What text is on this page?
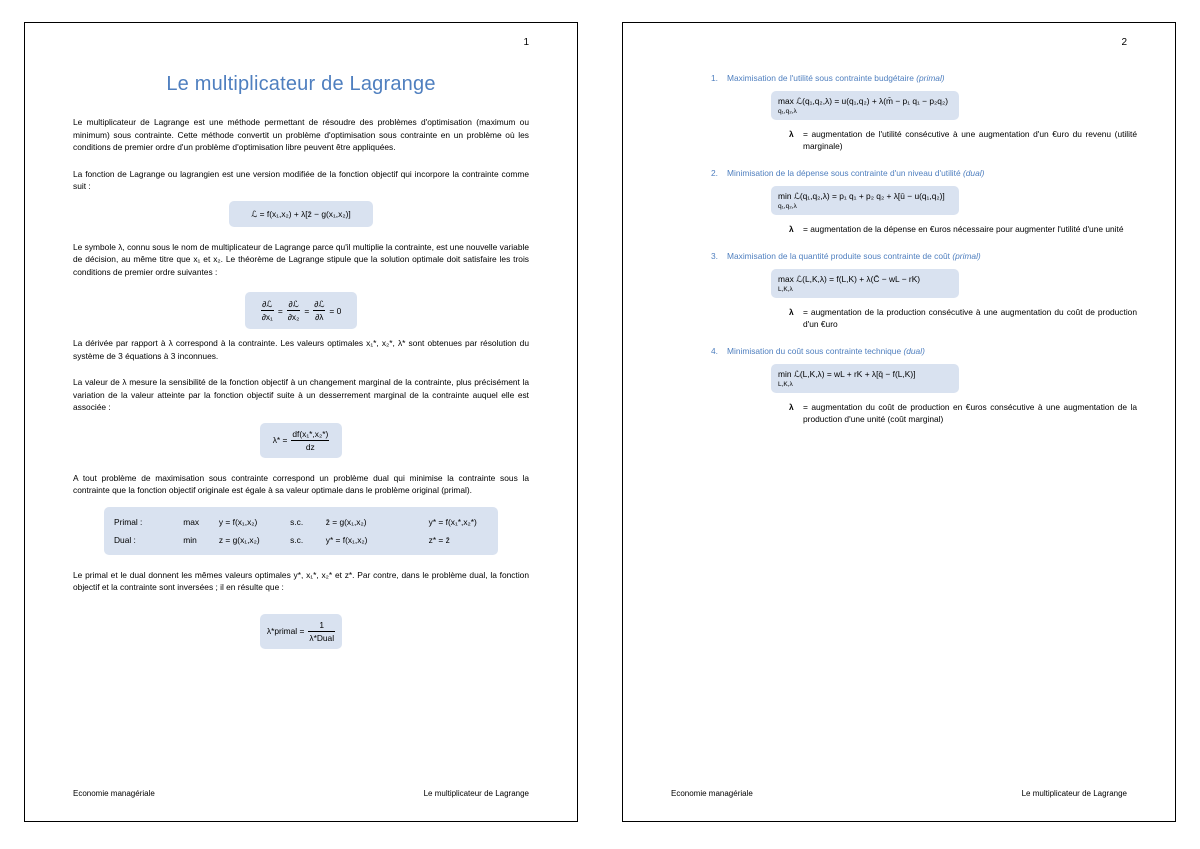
1
Le multiplicateur de Lagrange

Le multiplicateur de Lagrange est une méthode permettant de résoudre des problèmes d'optimisation (maximum ou minimum) sous contrainte. Cette méthode convertit un problème d'optimisation sous contrainte en un problème où les conditions de premier ordre d'un problème d'optimisation libre peuvent être appliquées.

La fonction de Lagrange ou lagrangien est une version modifiée de la fonction objectif qui incorpore la contrainte comme suit :

ℒ = f(x₁,x₂) + λ[z̄ − g(x₁,x₂)]

Le symbole λ, connu sous le nom de multiplicateur de Lagrange parce qu'il multiplie la contrainte, est une nouvelle variable de décision, au même titre que x₁ et x₂. Le théorème de Lagrange stipule que la solution optimale doit satisfaire les trois conditions de premier ordre suivantes :

$\frac{\text{∂ℒ}}{\text{∂x₁}} = \frac{\text{∂ℒ}}{\text{∂x₂}} = \frac{\text{∂ℒ}}{\partial\lambda} = 0$

La dérivée par rapport à λ correspond à la contrainte. Les valeurs optimales x₁*, x₂*, λ* sont obtenues par résolution du système de 3 équations à 3 inconnues.

La valeur de λ mesure la sensibilité de la fonction objectif à un changement marginal de la contrainte, plus précisément la variation de la valeur atteinte par la fonction objectif suite à un desserrement marginal de la contrainte auquel elle est associée :

$\lambda* = \frac{\text{df(x₁*,x₂*)}}{dz}$

A tout problème de maximisation sous contrainte correspond un problème dual qui minimise la contrainte sous la contrainte que la fonction objectif originale est égale à sa valeur optimale dans le problème original (primal).

Primal :	max	y = f(x₁,x₂)	s.c.	z̄ = g(x₁,x₂)	y* = f(x₁*,x₂*)
Dual :	min	z = g(x₁,x₂)	s.c.	y* = f(x₁,x₂)	z* = z̄

Le primal et le dual donnent les mêmes valeurs optimales y*, x₁*, x₂* et z*. Par contre, dans le problème dual, la fonction objectif et la contrainte sont inversées ; il en résulte que :

λ*primal = $\frac{1}{\text{λ*Dual}}$
Economie managériale	Le multiplicateur de Lagrange
2
1. Maximisation de l'utilité sous contrainte budgétaire (primal)
max ℒ(q₁,q₂,λ) = u(q₁,q₂) + λ(m̄ − p₁ q₁ − p₂q₂)
q₁,q₂,λ
λ	= augmentation de l'utilité consécutive à une augmentation d'un €uro du revenu (utilité marginale)
2. Minimisation de la dépense sous contrainte d'un niveau d'utilité (dual)
min ℒ(q₁,q₂,λ) = p₁ q₁ + p₂ q₂ + λ[ū − u(q₁,q₂)]
q₁,q₂,λ
λ	= augmentation de la dépense en €uros nécessaire pour augmenter l'utilité d'une unité
3. Maximisation de la quantité produite sous contrainte de coût (primal)
max ℒ(L,K,λ) = f(L,K) + λ(C̄ − wL − rK)
L,K,λ
λ	= augmentation de la production consécutive à une augmentation du coût de production d'un €uro
4. Minimisation du coût sous contrainte technique (dual)
min ℒ(L,K,λ) = wL + rK + λ[q̄ − f(L,K)]
L,K,λ
λ	= augmentation du coût de production en €uros consécutive à une augmentation de la production d'une unité (coût marginal)
Economie managériale	Le multiplicateur de Lagrange
